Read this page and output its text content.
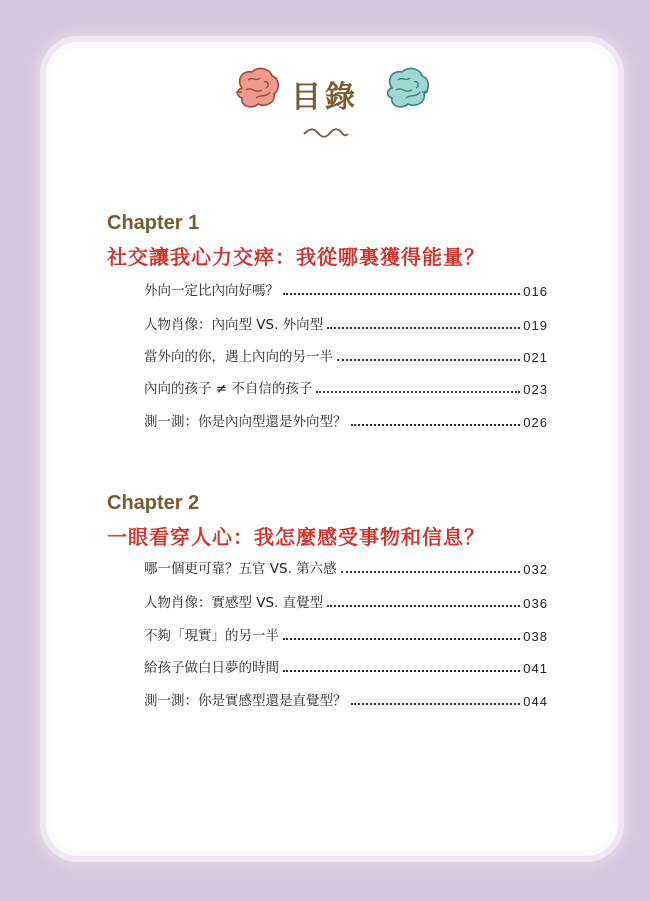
目錄
Chapter 1
社交讓我心力交瘁：我從哪裏獲得能量？
外向一定比內向好嗎？	016
人物肖像：內向型 VS. 外向型	019
當外向的你，遇上內向的另一半	021
內向的孩子 ≠ 不自信的孩子	023
測一測：你是內向型還是外向型？	026
Chapter 2
一眼看穿人心：我怎麼感受事物和信息？
哪一個更可靠？五官 VS. 第六感	032
人物肖像：實感型 VS. 直覺型	036
不夠「現實」的另一半	038
給孩子做白日夢的時間	041
測一測：你是實感型還是直覺型？	044
